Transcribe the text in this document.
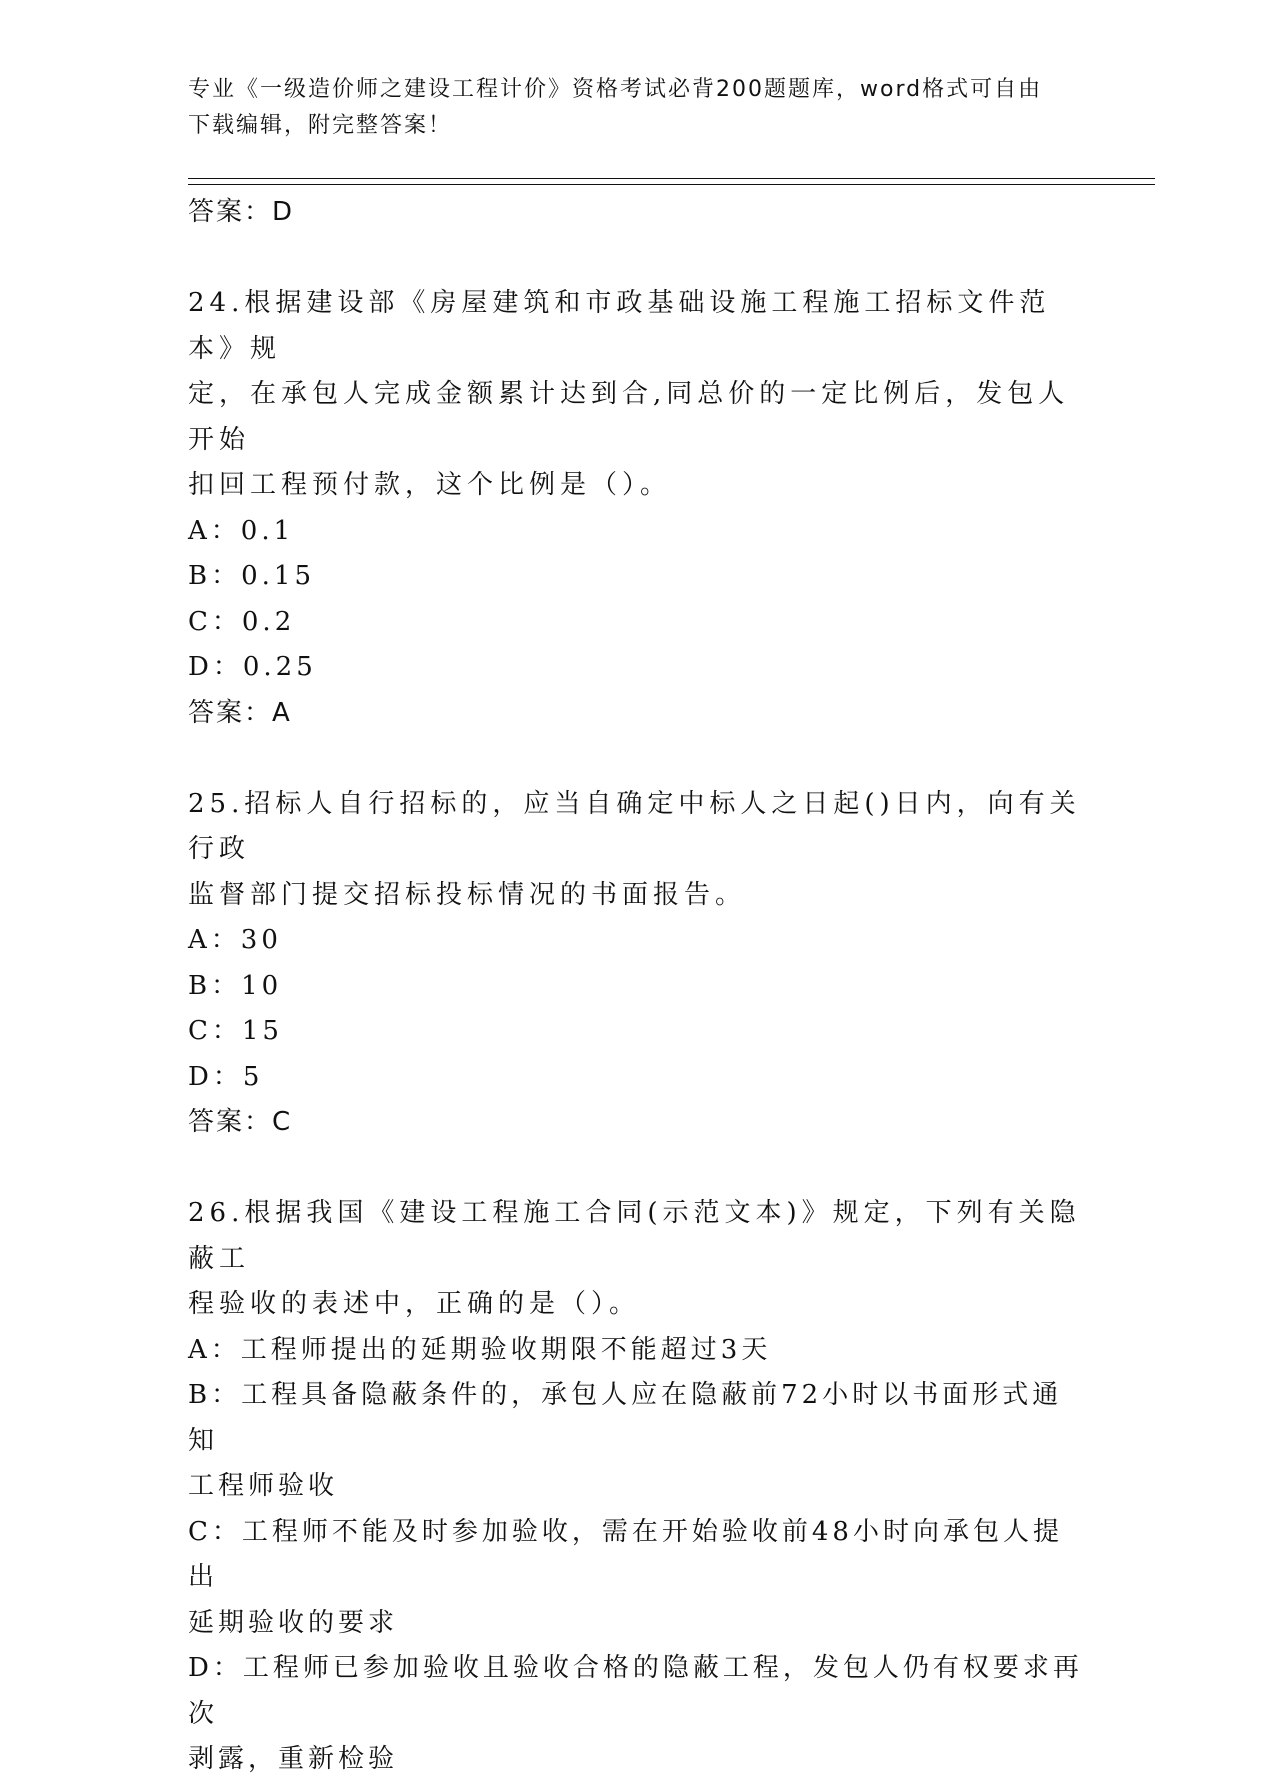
专业《一级造价师之建设工程计价》资格考试必背200题题库，word格式可自由
下载编辑，附完整答案！
答案：D
24.根据建设部《房屋建筑和市政基础设施工程施工招标文件范本》规
定，在承包人完成金额累计达到合,同总价的一定比例后，发包人开始
扣回工程预付款，这个比例是（）。
A：0.1
B：0.15
C：0.2
D：0.25
答案：A
25.招标人自行招标的，应当自确定中标人之日起()日内，向有关行政
监督部门提交招标投标情况的书面报告。
A：30
B：10
C：15
D：5
答案：C
26.根据我国《建设工程施工合同(示范文本)》规定，下列有关隐蔽工
程验收的表述中，正确的是（）。
A：工程师提出的延期验收期限不能超过3天
B：工程具备隐蔽条件的，承包人应在隐蔽前72小时以书面形式通知
工程师验收
C：工程师不能及时参加验收，需在开始验收前48小时向承包人提出
延期验收的要求
D：工程师已参加验收且验收合格的隐蔽工程，发包人仍有权要求再次
剥露，重新检验
